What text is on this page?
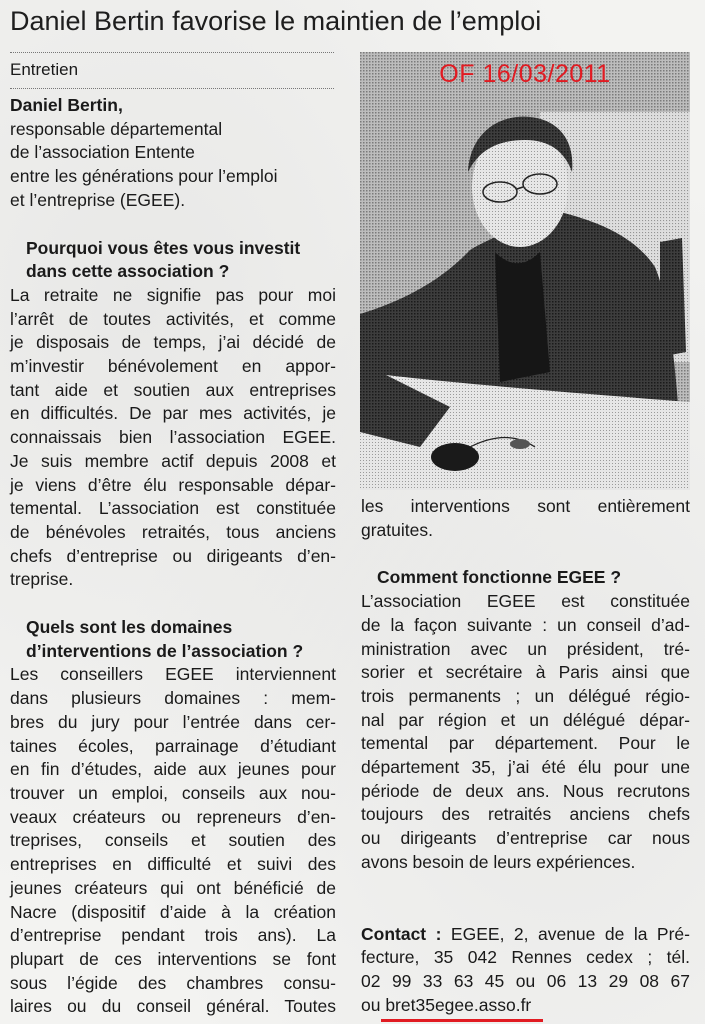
Daniel Bertin favorise le maintien de l’emploi
Entretien
Daniel Bertin,
responsable départemental
de l’association Entente
entre les générations pour l’emploi
et l’entreprise (EGEE).
Pourquoi vous êtes vous investit
dans cette association ?
La retraite ne signifie pas pour moi
l’arrêt de toutes activités, et comme
je disposais de temps, j’ai décidé de
m’investir bénévolement en appor-
tant aide et soutien aux entreprises
en difficultés. De par mes activités, je
connaissais bien l’association EGEE.
Je suis membre actif depuis 2008 et
je viens d’être élu responsable dépar-
temental. L’association est constituée
de bénévoles retraités, tous anciens
chefs d’entreprise ou dirigeants d’en-
treprise.
Quels sont les domaines
d’interventions de l’association ?
Les conseillers EGEE interviennent
dans plusieurs domaines : mem-
bres du jury pour l’entrée dans cer-
taines écoles, parrainage d’étudiant
en fin d’études, aide aux jeunes pour
trouver un emploi, conseils aux nou-
veaux créateurs ou repreneurs d’en-
treprises, conseils et soutien des
entreprises en difficulté et suivi des
jeunes créateurs qui ont bénéficié de
Nacre (dispositif d’aide à la création
d’entreprise pendant trois ans). La
plupart de ces interventions se font
sous l’égide des chambres consu-
laires ou du conseil général. Toutes
OF 16/03/2011
les interventions sont entièrement
gratuites.
Comment fonctionne EGEE ?
L’association EGEE est constituée
de la façon suivante : un conseil d’ad-
ministration avec un président, tré-
sorier et secrétaire à Paris ainsi que
trois permanents ; un délégué régio-
nal par région et un délégué dépar-
temental par département. Pour le
département 35, j’ai été élu pour une
période de deux ans. Nous recrutons
toujours des retraités anciens chefs
ou dirigeants d’entreprise car nous
avons besoin de leurs expériences.
Contact : EGEE, 2, avenue de la Pré-
fecture, 35 042 Rennes cedex ; tél.
02 99 33 63 45 ou 06 13 29 08 67
ou bret35egee.asso.fr
